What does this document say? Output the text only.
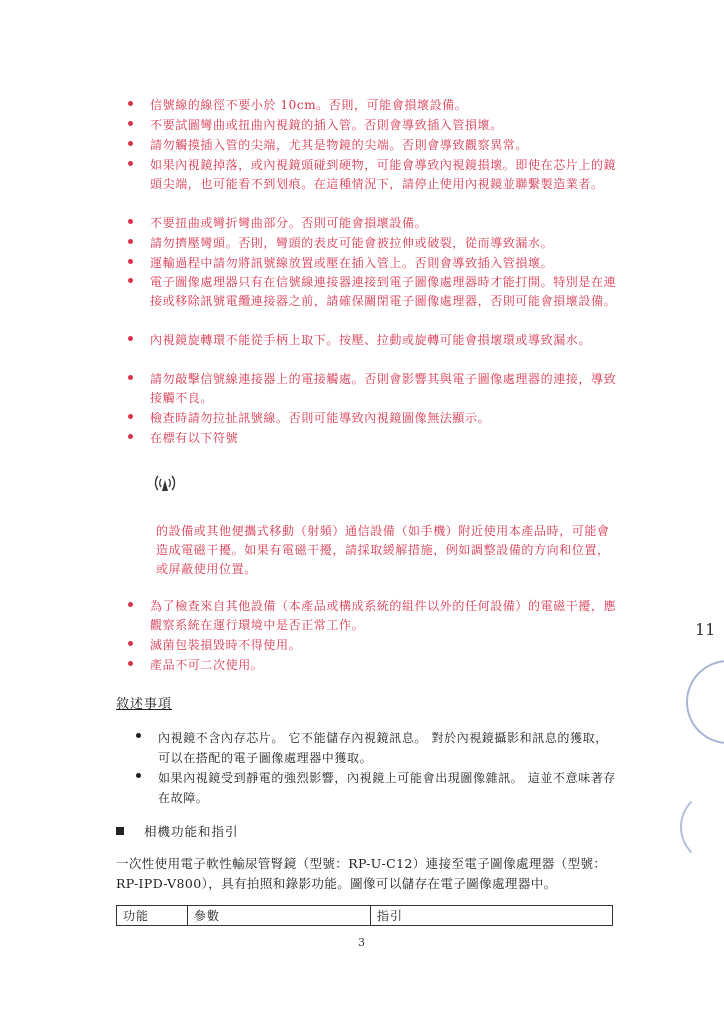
信號線的線徑不要小於 10cm。否則，可能會損壞設備。
不要試圖彎曲或扭曲內視鏡的插入管。否則會導致插入管損壞。
請勿觸摸插入管的尖端，尤其是物鏡的尖端。否則會導致觀察異常。
如果內視鏡掉落，或內視鏡頭碰到硬物，可能會導致內視鏡損壞。即使在芯片上的鏡頭尖端，也可能看不到划痕。在這種情況下，請停止使用內視鏡並聯繫製造業者。
不要扭曲或彎折彎曲部分。否則可能會損壞設備。
請勿擠壓彎頭。否則，彎頭的表皮可能會被拉伸或破裂，從而導致漏水。
運輸過程中請勿將訊號線放置或壓在插入管上。否則會導致插入管損壞。
電子圖像處理器只有在信號線連接器連接到電子圖像處理器時才能打開。特別是在連接或移除訊號電纜連接器之前，請確保關閉電子圖像處理器，否則可能會損壞設備。
內視鏡旋轉環不能從手柄上取下。按壓、拉動或旋轉可能會損壞環或導致漏水。
請勿敲擊信號線連接器上的電接觸處。否則會影響其與電子圖像處理器的連接，導致接觸不良。
檢查時請勿拉扯訊號線。否則可能導致內視鏡圖像無法顯示。
在標有以下符號
的設備或其他便攜式移動（射頻）通信設備（如手機）附近使用本產品時，可能會造成電磁干擾。如果有電磁干擾，請採取緩解措施，例如調整設備的方向和位置，或屏蔽使用位置。
為了檢查來自其他設備（本產品或構成系統的組件以外的任何設備）的電磁干擾，應觀察系統在運行環境中是否正常工作。
滅菌包裝損毀時不得使用。
產品不可二次使用。
敘述事項
內視鏡不含內存芯片。 它不能儲存內視鏡訊息。 對於內視鏡攝影和訊息的獲取，可以在搭配的電子圖像處理器中獲取。
如果內視鏡受到靜電的強烈影響，內視鏡上可能會出現圖像雜訊。 這並不意味著存在故障。
相機功能和指引
一次性使用電子軟性輸尿管腎鏡（型號：RP-U-C12）連接至電子圖像處理器（型號：RP-IPD-V800），具有拍照和錄影功能。圖像可以儲存在電子圖像處理器中。
功能	參數	指引
3
11
